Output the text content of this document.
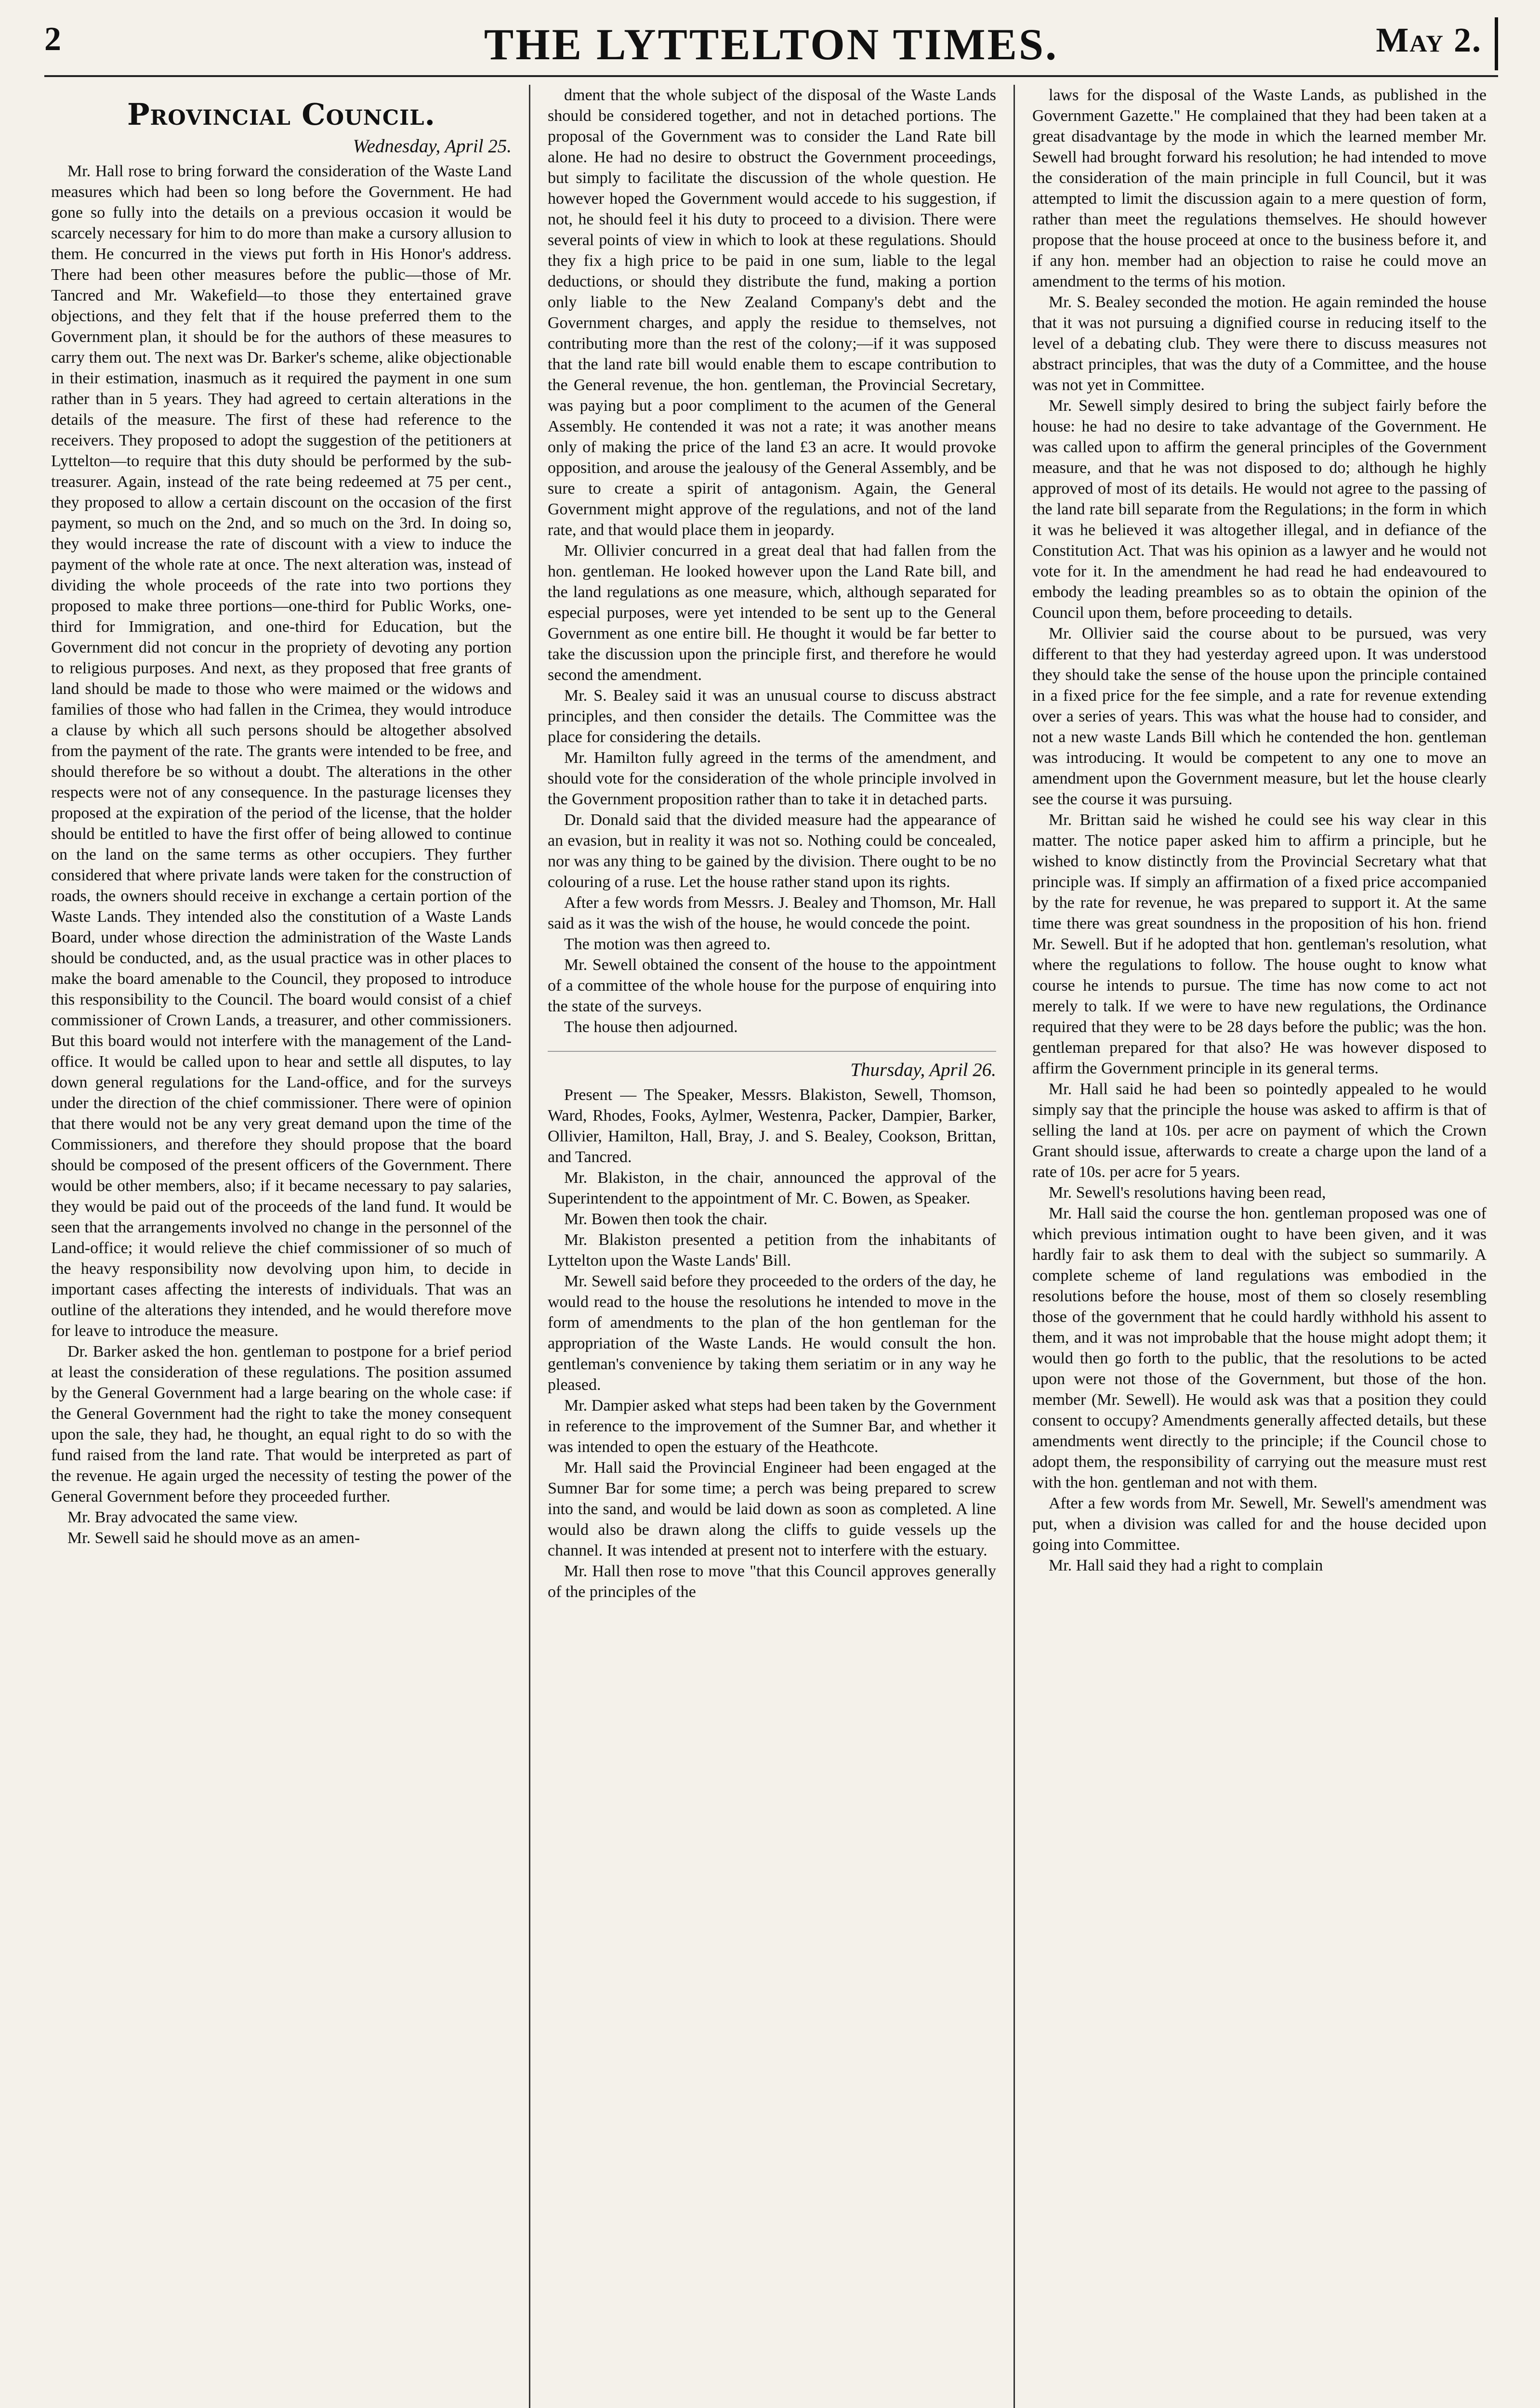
2	THE LYTTELTON TIMES.	May 2.
Provincial Council.
Wednesday, April 25.

Mr. Hall rose to bring forward the consideration of the Waste Land measures which had been so long before the Government. He had gone so fully into the details on a previous occasion it would be scarcely necessary for him to do more than make a cursory allusion to them. He concurred in the views put forth in His Honor's address. There had been other measures before the public—those of Mr. Tancred and Mr. Wakefield—to those they entertained grave objections, and they felt that if the house preferred them to the Government plan, it should be for the authors of these measures to carry them out. The next was Dr. Barker's scheme, alike objectionable in their estimation, inasmuch as it required the payment in one sum rather than in 5 years. They had agreed to certain alterations in the details of the measure. The first of these had reference to the receivers. They proposed to adopt the suggestion of the petitioners at Lyttelton—to require that this duty should be performed by the sub-treasurer. Again, instead of the rate being redeemed at 75 per cent., they proposed to allow a certain discount on the occasion of the first payment, so much on the 2nd, and so much on the 3rd. In doing so, they would increase the rate of discount with a view to induce the payment of the whole rate at once. The next alteration was, instead of dividing the whole proceeds of the rate into two portions they proposed to make three portions—one-third for Public Works, one-third for Immigration, and one-third for Education, but the Government did not concur in the propriety of devoting any portion to religious purposes. And next, as they proposed that free grants of land should be made to those who were maimed or the widows and families of those who had fallen in the Crimea, they would introduce a clause by which all such persons should be altogether absolved from the payment of the rate. The grants were intended to be free, and should therefore be so without a doubt. The alterations in the other respects were not of any consequence. In the pasturage licenses they proposed at the expiration of the period of the license, that the holder should be entitled to have the first offer of being allowed to continue on the land on the same terms as other occupiers. They further considered that where private lands were taken for the construction of roads, the owners should receive in exchange a certain portion of the Waste Lands. They intended also the constitution of a Waste Lands Board, under whose direction the administration of the Waste Lands should be conducted, and, as the usual practice was in other places to make the board amenable to the Council, they proposed to introduce this responsibility to the Council. The board would consist of a chief commissioner of Crown Lands, a treasurer, and other commissioners. But this board would not interfere with the management of the Land-office. It would be called upon to hear and settle all disputes, to lay down general regulations for the Land-office, and for the surveys under the direction of the chief commissioner. There were of opinion that there would not be any very great demand upon the time of the Commissioners, and therefore they should propose that the board should be composed of the present officers of the Government. There would be other members, also; if it became necessary to pay salaries, they would be paid out of the proceeds of the land fund. It would be seen that the arrangements involved no change in the personnel of the Land-office; it would relieve the chief commissioner of so much of the heavy responsibility now devolving upon him, to decide in important cases affecting the interests of individuals. That was an outline of the alterations they intended, and he would therefore move for leave to introduce the measure.

Dr. Barker asked the hon. gentleman to postpone for a brief period at least the consideration of these regulations. The position assumed by the General Government had a large bearing on the whole case: if the General Government had the right to take the money consequent upon the sale, they had, he thought, an equal right to do so with the fund raised from the land rate. That would be interpreted as part of the revenue. He again urged the necessity of testing the power of the General Government before they proceeded further.

Mr. Bray advocated the same view.

Mr. Sewell said he should move as an amen-

dment that the whole subject of the disposal of the Waste Lands should be considered together, and not in detached portions. The proposal of the Government was to consider the Land Rate bill alone. He had no desire to obstruct the Government proceedings, but simply to facilitate the discussion of the whole question. He however hoped the Government would accede to his suggestion, if not, he should feel it his duty to proceed to a division. There were several points of view in which to look at these regulations. Should they fix a high price to be paid in one sum, liable to the legal deductions, or should they distribute the fund, making a portion only liable to the New Zealand Company's debt and the Government charges, and apply the residue to themselves, not contributing more than the rest of the colony;—if it was supposed that the land rate bill would enable them to escape contribution to the General revenue, the hon. gentleman, the Provincial Secretary, was paying but a poor compliment to the acumen of the General Assembly. He contended it was not a rate; it was another means only of making the price of the land £3 an acre. It would provoke opposition, and arouse the jealousy of the General Assembly, and be sure to create a spirit of antagonism. Again, the General Government might approve of the regulations, and not of the land rate, and that would place them in jeopardy.

Mr. Ollivier concurred in a great deal that had fallen from the hon. gentleman. He looked however upon the Land Rate bill, and the land regulations as one measure, which, although separated for especial purposes, were yet intended to be sent up to the General Government as one entire bill. He thought it would be far better to take the discussion upon the principle first, and therefore he would second the amendment.

Mr. S. Bealey said it was an unusual course to discuss abstract principles, and then consider the details. The Committee was the place for considering the details.

Mr. Hamilton fully agreed in the terms of the amendment, and should vote for the consideration of the whole principle involved in the Government proposition rather than to take it in detached parts.

Dr. Donald said that the divided measure had the appearance of an evasion, but in reality it was not so. Nothing could be concealed, nor was any thing to be gained by the division. There ought to be no colouring of a ruse. Let the house rather stand upon its rights.

After a few words from Messrs. J. Bealey and Thomson, Mr. Hall said as it was the wish of the house, he would concede the point.

The motion was then agreed to.

Mr. Sewell obtained the consent of the house to the appointment of a committee of the whole house for the purpose of enquiring into the state of the surveys.

The house then adjourned.

Thursday, April 26.

Present — The Speaker, Messrs. Blakiston, Sewell, Thomson, Ward, Rhodes, Fooks, Aylmer, Westenra, Packer, Dampier, Barker, Ollivier, Hamilton, Hall, Bray, J. and S. Bealey, Cookson, Brittan, and Tancred.

Mr. Blakiston, in the chair, announced the approval of the Superintendent to the appointment of Mr. C. Bowen, as Speaker.

Mr. Bowen then took the chair.

Mr. Blakiston presented a petition from the inhabitants of Lyttelton upon the Waste Lands' Bill.

Mr. Sewell said before they proceeded to the orders of the day, he would read to the house the resolutions he intended to move in the form of amendments to the plan of the hon gentleman for the appropriation of the Waste Lands. He would consult the hon. gentleman's convenience by taking them seriatim or in any way he pleased.

Mr. Dampier asked what steps had been taken by the Government in reference to the improvement of the Sumner Bar, and whether it was intended to open the estuary of the Heathcote.

Mr. Hall said the Provincial Engineer had been engaged at the Sumner Bar for some time; a perch was being prepared to screw into the sand, and would be laid down as soon as completed. A line would also be drawn along the cliffs to guide vessels up the channel. It was intended at present not to interfere with the estuary.

Mr. Hall then rose to move "that this Council approves generally of the principles of the

laws for the disposal of the Waste Lands, as published in the Government Gazette." He complained that they had been taken at a great disadvantage by the mode in which the learned member Mr. Sewell had brought forward his resolution; he had intended to move the consideration of the main principle in full Council, but it was attempted to limit the discussion again to a mere question of form, rather than meet the regulations themselves. He should however propose that the house proceed at once to the business before it, and if any hon. member had an objection to raise he could move an amendment to the terms of his motion.

Mr. S. Bealey seconded the motion. He again reminded the house that it was not pursuing a dignified course in reducing itself to the level of a debating club. They were there to discuss measures not abstract principles, that was the duty of a Committee, and the house was not yet in Committee.

Mr. Sewell simply desired to bring the subject fairly before the house: he had no desire to take advantage of the Government. He was called upon to affirm the general principles of the Government measure, and that he was not disposed to do; although he highly approved of most of its details. He would not agree to the passing of the land rate bill separate from the Regulations; in the form in which it was he believed it was altogether illegal, and in defiance of the Constitution Act. That was his opinion as a lawyer and he would not vote for it. In the amendment he had read he had endeavoured to embody the leading preambles so as to obtain the opinion of the Council upon them, before proceeding to details.

Mr. Ollivier said the course about to be pursued, was very different to that they had yesterday agreed upon. It was understood they should take the sense of the house upon the principle contained in a fixed price for the fee simple, and a rate for revenue extending over a series of years. This was what the house had to consider, and not a new waste Lands Bill which he contended the hon. gentleman was introducing. It would be competent to any one to move an amendment upon the Government measure, but let the house clearly see the course it was pursuing.

Mr. Brittan said he wished he could see his way clear in this matter. The notice paper asked him to affirm a principle, but he wished to know distinctly from the Provincial Secretary what that principle was. If simply an affirmation of a fixed price accompanied by the rate for revenue, he was prepared to support it. At the same time there was great soundness in the proposition of his hon. friend Mr. Sewell. But if he adopted that hon. gentleman's resolution, what where the regulations to follow. The house ought to know what course he intends to pursue. The time has now come to act not merely to talk. If we were to have new regulations, the Ordinance required that they were to be 28 days before the public; was the hon. gentleman prepared for that also? He was however disposed to affirm the Government principle in its general terms.

Mr. Hall said he had been so pointedly appealed to he would simply say that the principle the house was asked to affirm is that of selling the land at 10s. per acre on payment of which the Crown Grant should issue, afterwards to create a charge upon the land of a rate of 10s. per acre for 5 years.

Mr. Sewell's resolutions having been read,

Mr. Hall said the course the hon. gentleman proposed was one of which previous intimation ought to have been given, and it was hardly fair to ask them to deal with the subject so summarily. A complete scheme of land regulations was embodied in the resolutions before the house, most of them so closely resembling those of the government that he could hardly withhold his assent to them, and it was not improbable that the house might adopt them; it would then go forth to the public, that the resolutions to be acted upon were not those of the Government, but those of the hon. member (Mr. Sewell). He would ask was that a position they could consent to occupy? Amendments generally affected details, but these amendments went directly to the principle; if the Council chose to adopt them, the responsibility of carrying out the measure must rest with the hon. gentleman and not with them.

After a few words from Mr. Sewell, Mr. Sewell's amendment was put, when a division was called for and the house decided upon going into Committee.

Mr. Hall said they had a right to complain
